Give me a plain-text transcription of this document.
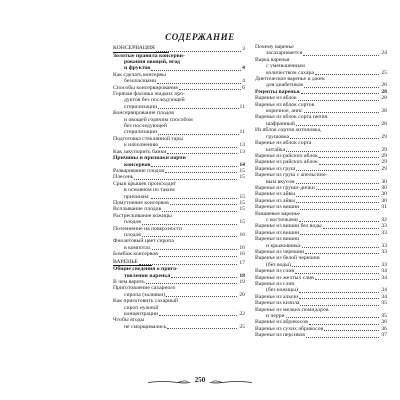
СОДЕРЖАНИЕ
КОНСЕРВАЦИЯ	3
Золотые правила консерви-
рования овощей, ягод
и фруктов	4
Как сделать консервы
безопасными	4
Способы консервирования	6
Горячая фасовка жидких про-
дуктов без последующей
стерилизации	11
Консервирование плодов
и овощей горячим способом
без последующей
стерилизации	11
Подготовка стеклянной тары
к наполнению	13
Как закупорить банки	13
Причины и признаки порчи
консервов	14
Разваривание плодов	15
Плесень	15
Срыв крышек происходит
в основном по таким
причинам:	15
Помутнение консервов	15
Всплывание плодов	15
Растрескивание кожицы
плодов	15
Потемнение на поверхности
плодов	16
Фиолетовый цвет сиропа
в компотах	16
Бомбаж консервов	16
ВАРЕНЬЕ	17
Общие сведения о приго-
товлении варенья	18
В чем варить	19
Приготовление сахарного
сиропа (заливки)	20
Как приготовить сахарный
сироп нужной
концентрации	22
Чтобы ягоды
не сморщивались	25
Почему варенье
засахаривается	24
Варка варенья
с уменьшенным
количеством сахара	25
Диетическое варенье и джем
для диабетиков	26
Рецепты варенья	28
Варенье из яблок	28
Варенье из яблок сортов
коричное, анис	28
Варенье из яблок сорта пепин
шафранный	28
Из яблок сортов антоновка,
грушовка	29
Варенье из яблок сорта
китайка	29
Варенье из райских яблок	29
Варенье из райских яблок	29
Варенье из груш	29
Варенье из груш с апельсино-
вым вкусом	30
Варенье из груши-дички	30
Варенье из айвы	30
Варенье из айвы	30
Варенье из вишни	31
Вишневое варенье
с косточками	32
Варенье из вишни без воды	33
Варенье из вишни	33
Варенье из вишни
и крыжовника	33
Варенье из черешни	33
Варенье из белой черешни
(без воды)	33
Варенье из слив	34
Варенье из желтых слив	34
Варенье из слив
(без кожицы)	34
Варенье из алычи	34
Варенье из кизила	35
Варенье из мелких помидоров
и черри	35
Варенье из абрикосов	36
Варенье из сухих абрикосов	36
Варенье из персиков	37
250
